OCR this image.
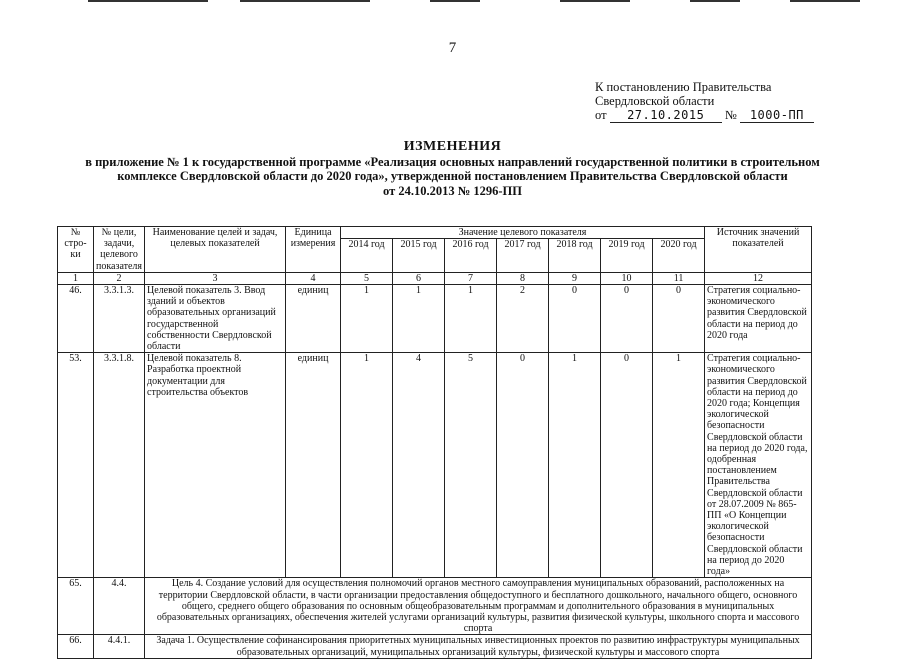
7
К постановлению Правительства
Свердловской области
от 27.10.2015 № 1000-ПП
ИЗМЕНЕНИЯ
в приложение № 1 к государственной программе «Реализация основных направлений государственной политики в строительном
комплексе Свердловской области до 2020 года», утвержденной постановлением Правительства Свердловской области
от 24.10.2013 № 1296-ПП
№ стро-ки	№ цели, задачи, целевого показателя	Наименование целей и задач, целевых показателей	Единица измерения	Значение целевого показателя							Источник значений показателей
				2014 год	2015 год	2016 год	2017 год	2018 год	2019 год	2020 год	
1	2	3	4	5	6	7	8	9	10	11	12
46.	3.3.1.3.	Целевой показатель 3. Ввод зданий и объектов образовательных организаций государственной собственности Свердловской области	единиц	1	1	1	2	0	0	0	Стратегия социально-экономического развития Свердловской области на период до 2020 года
53.	3.3.1.8.	Целевой показатель 8. Разработка проектной документации для строительства объектов	единиц	1	4	5	0	1	0	1	Стратегия социально-экономического развития Свердловской области на период до 2020 года; Концепция экологической безопасности Свердловской области на период до 2020 года, одобренная постановлением Правительства Свердловской области от 28.07.2009 № 865-ПП «О Концепции экологической безопасности Свердловской области на период до 2020 года»
65.	4.4.	Цель 4. Создание условий для осуществления полномочий органов местного самоуправления муниципальных образований, расположенных на территории Свердловской области, в части организации предоставления общедоступного и бесплатного дошкольного, начального общего, основного общего, среднего общего образования по основным общеобразовательным программам и дополнительного образования в муниципальных образовательных организациях, обеспечения жителей услугами организаций культуры, развития физической культуры, школьного спорта и массового спорта									
66.	4.4.1.	Задача 1. Осуществление софинансирования приоритетных муниципальных инвестиционных проектов по развитию инфраструктуры муниципальных образовательных организаций, муниципальных организаций культуры, физической культуры и массового спорта									
